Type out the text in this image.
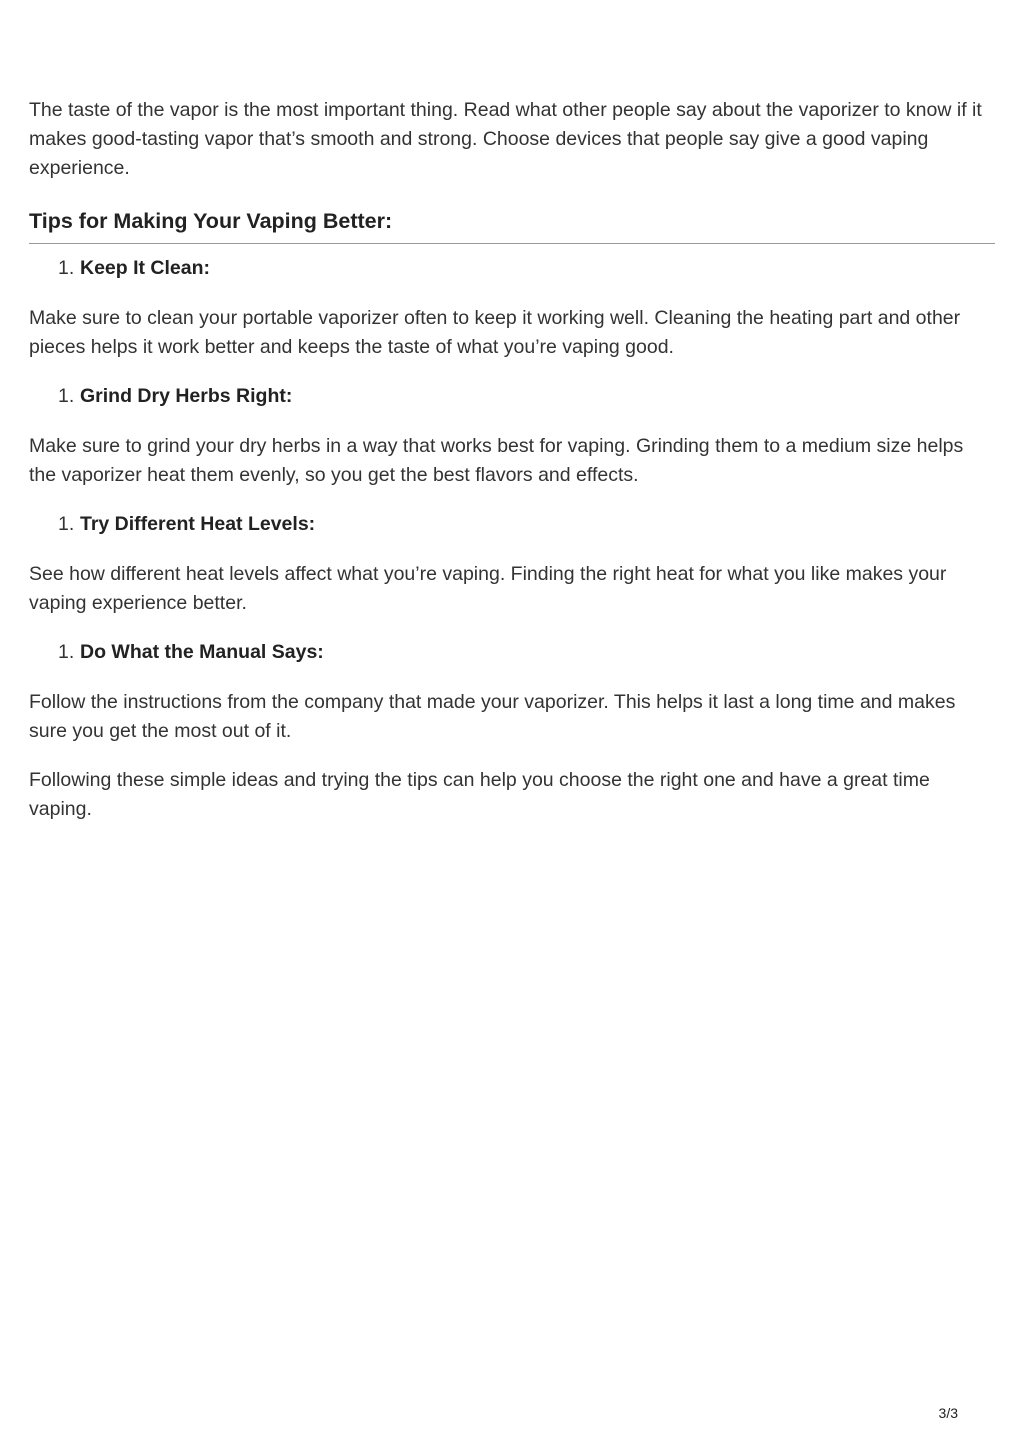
The taste of the vapor is the most important thing. Read what other people say about the vaporizer to know if it makes good-tasting vapor that’s smooth and strong. Choose devices that people say give a good vaping experience.

Tips for Making Your Vaping Better:
1. Keep It Clean:

Make sure to clean your portable vaporizer often to keep it working well. Cleaning the heating part and other pieces helps it work better and keeps the taste of what you’re vaping good.

1. Grind Dry Herbs Right:

Make sure to grind your dry herbs in a way that works best for vaping. Grinding them to a medium size helps the vaporizer heat them evenly, so you get the best flavors and effects.

1. Try Different Heat Levels:

See how different heat levels affect what you’re vaping. Finding the right heat for what you like makes your vaping experience better.

1. Do What the Manual Says:

Follow the instructions from the company that made your vaporizer. This helps it last a long time and makes sure you get the most out of it.

Following these simple ideas and trying the tips can help you choose the right one and have a great time vaping.

3/3
